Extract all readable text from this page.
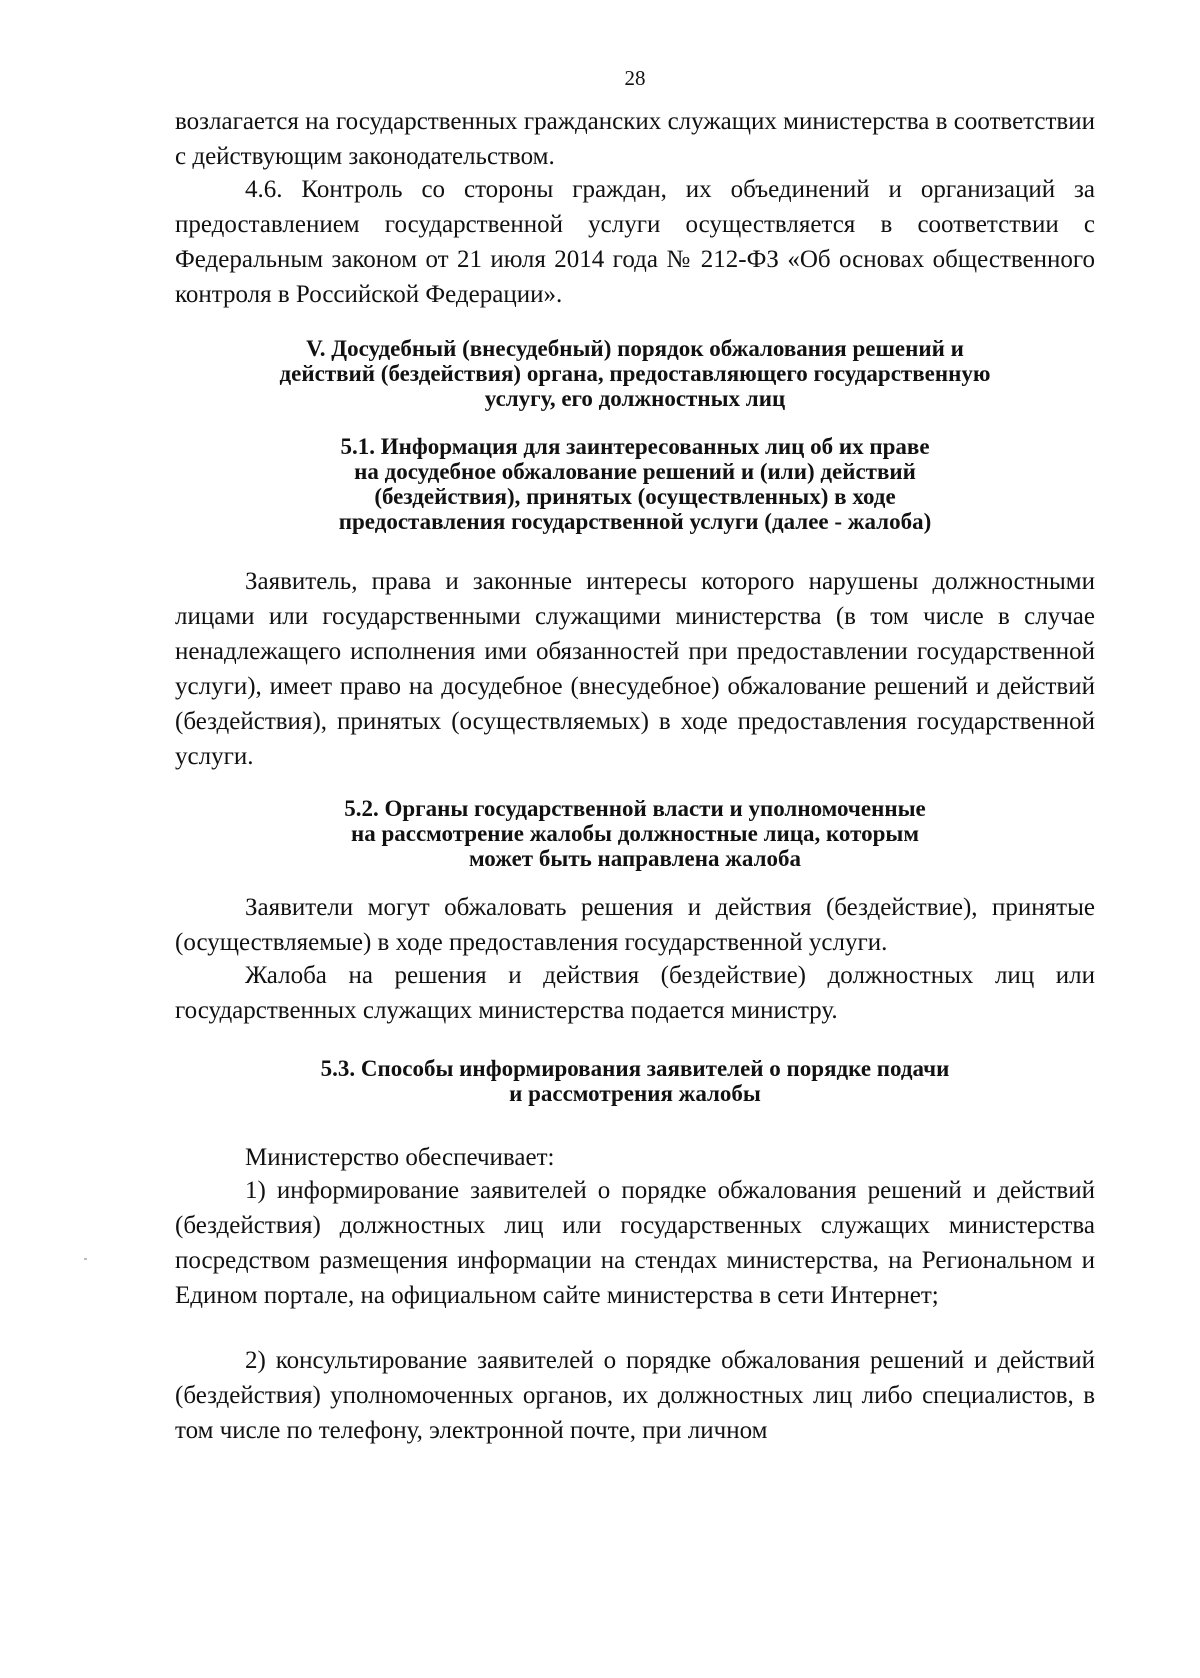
28

возлагается на государственных гражданских служащих министерства в соответствии с действующим законодательством.

4.6. Контроль со стороны граждан, их объединений и организаций за предоставлением государственной услуги осуществляется в соответствии с Федеральным законом от 21 июля 2014 года № 212-ФЗ «Об основах общественного контроля в Российской Федерации».

V. Досудебный (внесудебный) порядок обжалования решений и
действий (бездействия) органа, предоставляющего государственную
услугу, его должностных лиц
5.1. Информация для заинтересованных лиц об их праве
на досудебное обжалование решений и (или) действий
(бездействия), принятых (осуществленных) в ходе
предоставления государственной услуги (далее - жалоба)

Заявитель, права и законные интересы которого нарушены должностными лицами или государственными служащими министерства (в том числе в случае ненадлежащего исполнения ими обязанностей при предоставлении государственной услуги), имеет право на досудебное (внесудебное) обжалование решений и действий (бездействия), принятых (осуществляемых) в ходе предоставления государственной услуги.

5.2. Органы государственной власти и уполномоченные
на рассмотрение жалобы должностные лица, которым
может быть направлена жалоба

Заявители могут обжаловать решения и действия (бездействие), принятые (осуществляемые) в ходе предоставления государственной услуги.

Жалоба на решения и действия (бездействие) должностных лиц или государственных служащих министерства подается министру.

5.3. Способы информирования заявителей о порядке подачи
и рассмотрения жалобы

Министерство обеспечивает:

1) информирование заявителей о порядке обжалования решений и действий (бездействия) должностных лиц или государственных служащих министерства посредством размещения информации на стендах министерства, на Региональном и Едином портале, на официальном сайте министерства в сети Интернет;

2) консультирование заявителей о порядке обжалования решений и действий (бездействия) уполномоченных органов, их должностных лиц либо специалистов, в том числе по телефону, электронной почте, при личном
